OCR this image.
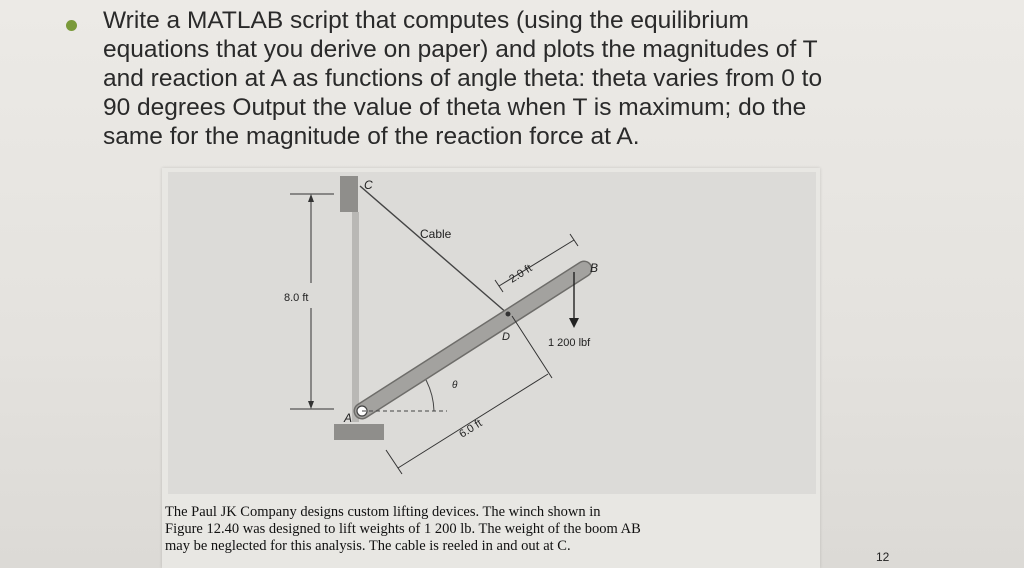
Write a MATLAB script that computes (using the equilibrium
equations that you derive on paper) and plots the magnitudes of T
and reaction at A as functions of angle theta: theta varies from 0 to
90 degrees Output the value of theta when T is maximum; do the
same for the magnitude of the reaction force at A.
C
Cable
8.0 ft
2.0 ft	B
1 200 lbf
D
θ
A	6.0 ft
The Paul JK Company designs custom lifting devices. The winch shown in
Figure 12.40 was designed to lift weights of 1 200 lb. The weight of the boom AB
may be neglected for this analysis. The cable is reeled in and out at C.
12
